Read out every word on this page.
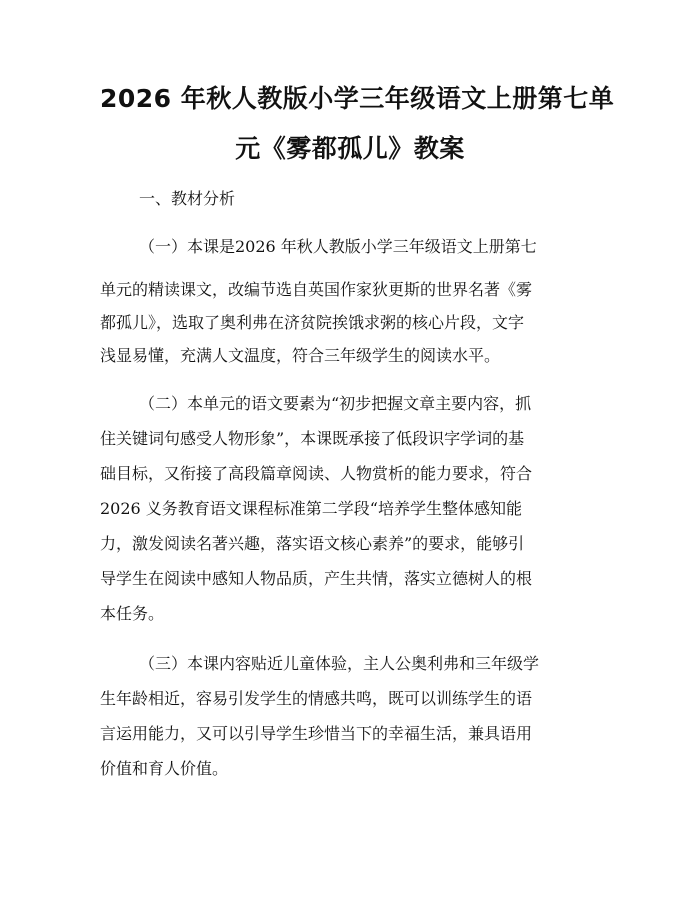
2026 年秋人教版小学三年级语文上册第七单
元《雾都孤儿》教案
一、教材分析
（一）本课是2026 年秋人教版小学三年级语文上册第七
单元的精读课文，改编节选自英国作家狄更斯的世界名著《雾
都孤儿》，选取了奥利弗在济贫院挨饿求粥的核心片段，文字
浅显易懂，充满人文温度，符合三年级学生的阅读水平。
（二）本单元的语文要素为“初步把握文章主要内容，抓
住关键词句感受人物形象”，本课既承接了低段识字学词的基
础目标，又衔接了高段篇章阅读、人物赏析的能力要求，符合
2026 义务教育语文课程标准第二学段“培养学生整体感知能
力，激发阅读名著兴趣，落实语文核心素养”的要求，能够引
导学生在阅读中感知人物品质，产生共情，落实立德树人的根
本任务。
（三）本课内容贴近儿童体验，主人公奥利弗和三年级学
生年龄相近，容易引发学生的情感共鸣，既可以训练学生的语
言运用能力，又可以引导学生珍惜当下的幸福生活，兼具语用
价值和育人价值。
